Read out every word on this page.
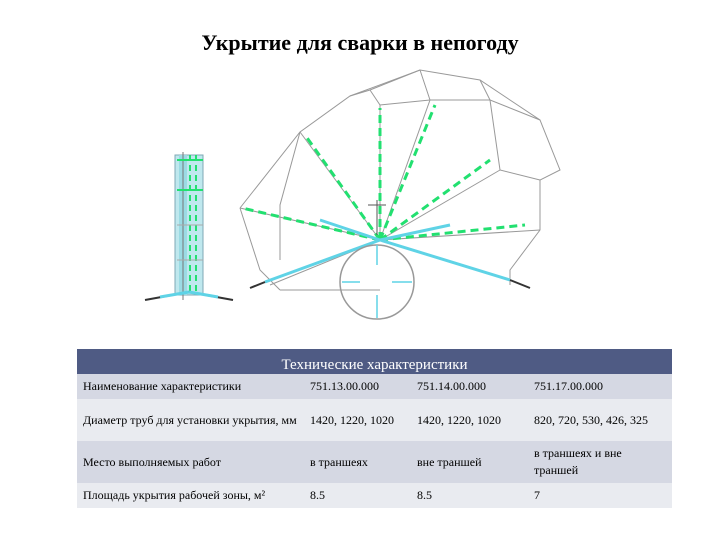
Укрытие для сварки в непогоду
Технические характеристики			
Наименование характеристики	751.13.00.000	751.14.00.000	751.17.00.000
Диаметр труб для установки укрытия, мм	1420, 1220, 1020	1420, 1220, 1020	820, 720, 530, 426, 325
Место выполняемых работ	в траншеях	вне траншей	в траншеях и вне траншей
Площадь укрытия рабочей зоны, м²	8.5	8.5	7
